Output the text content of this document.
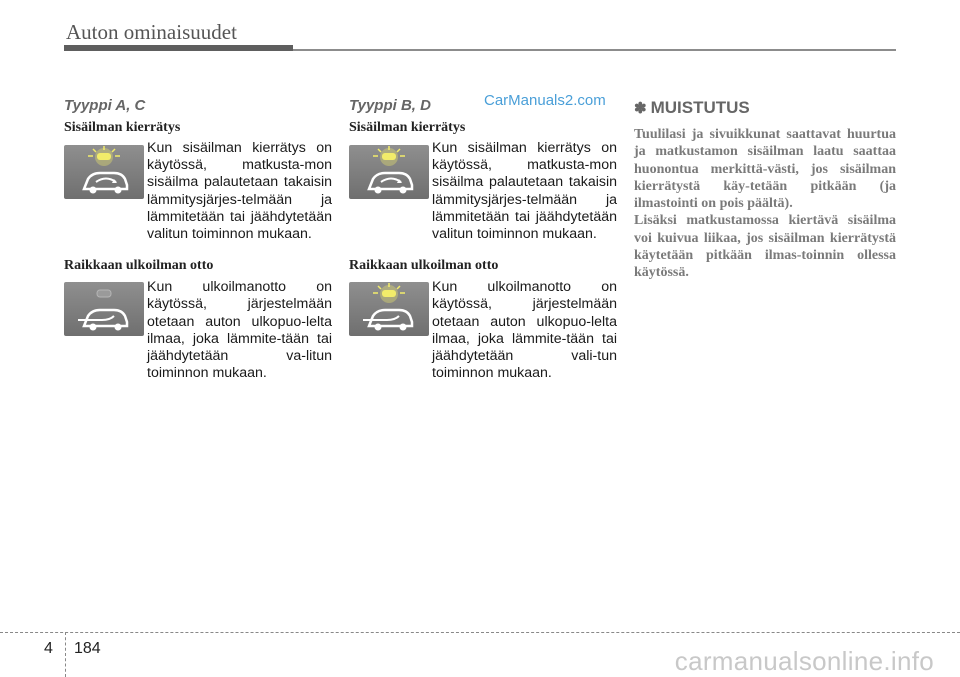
Auton ominaisuudet
CarManuals2.com
Tyyppi A, C
Sisäilman kierrätys
Kun sisäilman kierrätys on käytössä, matkusta-mon sisäilma palautetaan takaisin lämmitysjärjes-telmään ja lämmitetään tai jäähdytetään valitun toiminnon mukaan.
Raikkaan ulkoilman otto
Kun ulkoilmanotto on käytössä, järjestelmään otetaan auton ulkopuo-lelta ilmaa, joka lämmite-tään tai jäähdytetään va-litun toiminnon mukaan.
Tyyppi B, D
Sisäilman kierrätys
Kun sisäilman kierrätys on käytössä, matkusta-mon sisäilma palautetaan takaisin lämmitysjärjes-telmään ja lämmitetään tai jäähdytetään valitun toiminnon mukaan.
Raikkaan ulkoilman otto
Kun ulkoilmanotto on käytössä, järjestelmään otetaan auton ulkopuo-lelta ilmaa, joka lämmite-tään tai jäähdytetään vali-tun toiminnon mukaan.
✽ MUISTUTUS

Tuulilasi ja sivuikkunat saattavat huurtua ja matkustamon sisäilman laatu saattaa huonontua merkittä-västi, jos sisäilman kierrätystä käy-tetään pitkään (ja ilmastointi on pois päältä).

Lisäksi matkustamossa kiertävä sisäilma voi kuivua liikaa, jos sisäilman kierrätystä käytetään pitkään ilmas-toinnin ollessa käytössä.

4 184	carmanualsonline.info
